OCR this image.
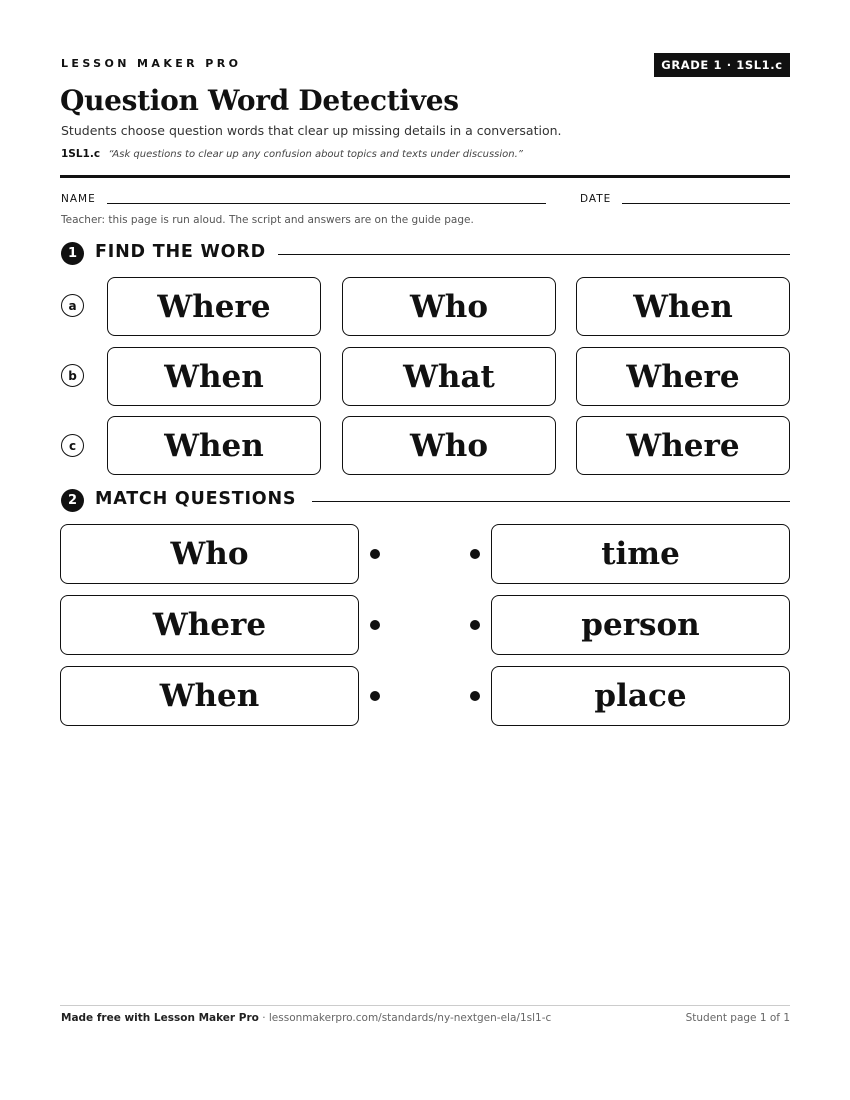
LESSON MAKER PRO	GRADE 1 · 1SL1.c
Question Word Detectives
Students choose question words that clear up missing details in a conversation.
1SL1.c “Ask questions to clear up any confusion about topics and texts under discussion.”
NAME	DATE
Teacher: this page is run aloud. The script and answers are on the guide page.
1	FIND THE WORD
a	Where	Who	When
b	When	What	Where
c	When	Who	Where
2	MATCH QUESTIONS
Who	time
Where	person
When	place
Made free with Lesson Maker Pro · lessonmakerpro.com/standards/ny-nextgen-ela/1sl1-c	Student page 1 of 1
